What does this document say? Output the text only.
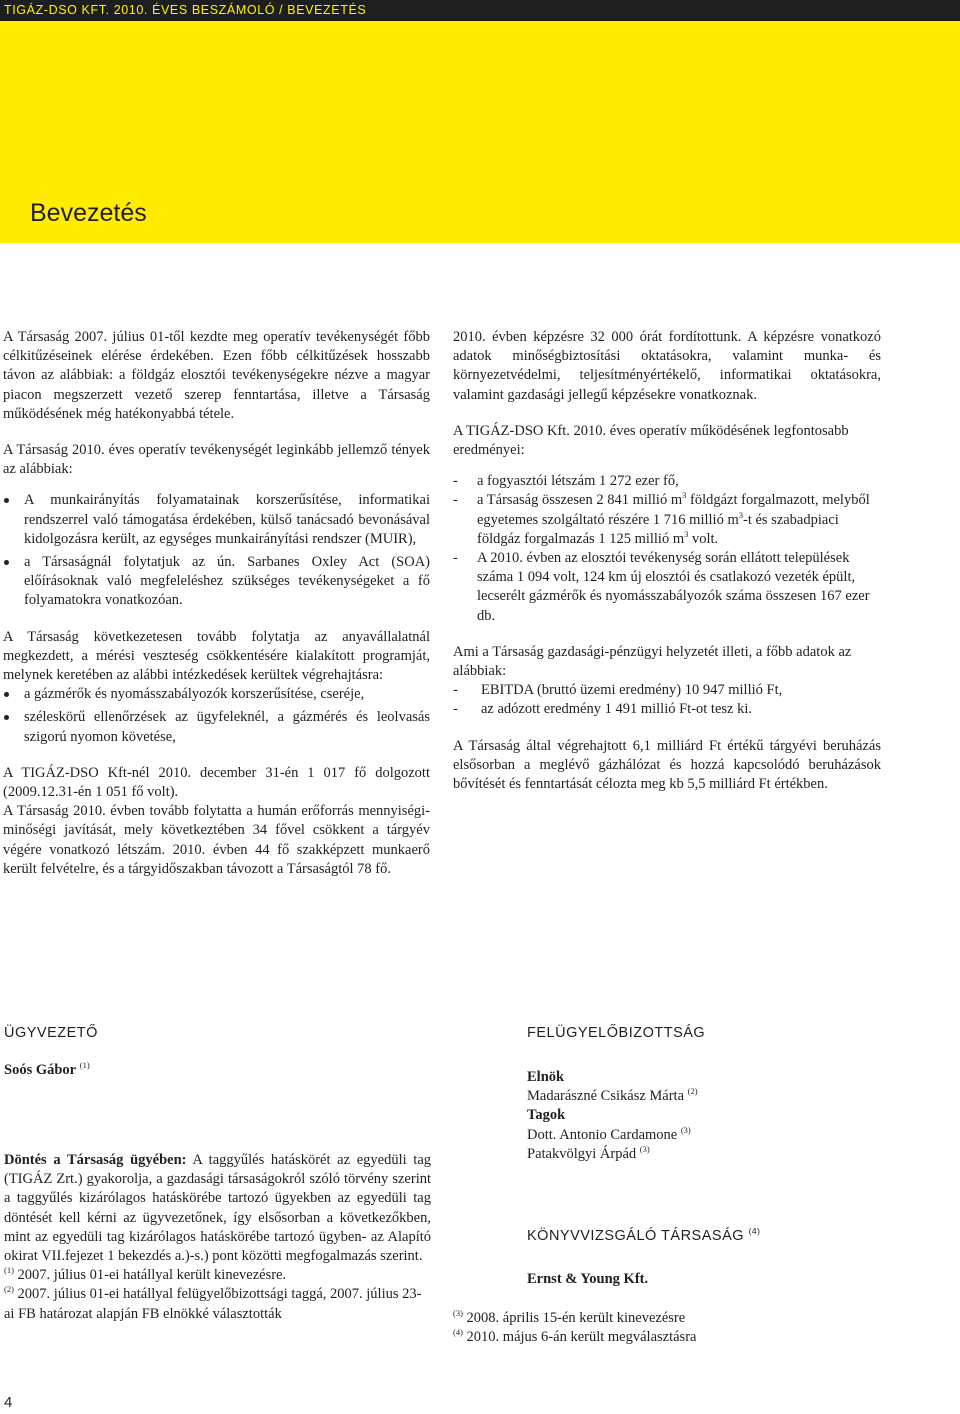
TIGÁZ-DSO KFT. 2010. ÉVES BESZÁMOLÓ / BEVEZETÉS
Bevezetés

A Társaság 2007. július 01-től kezdte meg operatív tevékenységét főbb célkitűzéseinek elérése érdekében. Ezen főbb célkitűzések hosszabb távon az alábbiak: a földgáz elosztói tevékenységekre nézve a magyar piacon megszerzett vezető szerep fenntartása, illetve a Társaság működésének még hatékonyabbá tétele.

A Társaság 2010. éves operatív tevékenységét leginkább jellemző tények az alábbiak:

A munkairányítás folyamatainak korszerűsítése, informatikai rendszerrel való támogatása érdekében, külső tanácsadó bevonásával kidolgozásra került, az egységes munkairányítási rendszer (MUIR),
a Társaságnál folytatjuk az ún. Sarbanes Oxley Act (SOA) előírásoknak való megfeleléshez szükséges tevékenységeket a fő folyamatokra vonatkozóan.

A Társaság következetesen tovább folytatja az anyavállalatnál megkezdett, a mérési veszteség csökkentésére kialakított programját, melynek keretében az alábbi intézkedések kerültek végrehajtásra:

a gázmérők és nyomásszabályozók korszerűsítése, cseréje,
széleskörű ellenőrzések az ügyfeleknél, a gázmérés és leolvasás szigorú nyomon követése,

A TIGÁZ-DSO Kft-nél 2010. december 31-én 1 017 fő dolgozott (2009.12.31-én 1 051 fő volt).

A Társaság 2010. évben tovább folytatta a humán erőforrás mennyiségi-minőségi javítását, mely következtében 34 fővel csökkent a tárgyév végére vonatkozó létszám. 2010. évben 44 fő szakképzett munkaerő került felvételre, és a tárgyidőszakban távozott a Társaságtól 78 fő.

2010. évben képzésre 32 000 órát fordítottunk. A képzésre vonatkozó adatok minőségbiztosítási oktatásokra, valamint munka- és környezetvédelmi, teljesítményértékelő, informatikai oktatásokra, valamint gazdasági jellegű képzésekre vonatkoznak.

A TIGÁZ-DSO Kft. 2010. éves operatív működésének legfontosabb eredményei:

- a fogyasztói létszám 1 272 ezer fő,
- a Társaság összesen 2 841 millió $m^3$ földgázt forgalmazott, melyből egyetemes szolgáltató részére 1 716 millió $m^3-t$ és szabadpiaci földgáz forgalmazás 1 125 millió $m^3$ volt.
- A 2010. évben az elosztói tevékenység során ellátott települések száma 1 094 volt, 124 km új elosztói és csatlakozó vezeték épült, lecserélt gázmérők és nyomásszabályozók száma összesen 167 ezer db.

Ami a Társaság gazdasági-pénzügyi helyzetét illeti, a főbb adatok az alábbiak:

- EBITDA (bruttó üzemi eredmény) 10 947 millió Ft,
- az adózott eredmény 1 491 millió Ft-ot tesz ki.

A Társaság által végrehajtott 6,1 milliárd Ft értékű tárgyévi beruházás elsősorban a meglévő gázhálózat és hozzá kapcsolódó beruházások bővítését és fenntartását célozta meg kb 5,5 milliárd Ft értékben.

ÜGYVEZETŐ
Soós Gábor $^{(1)}$

Döntés a Társaság ügyében: A taggyűlés hatáskörét az egyedüli tag (TIGÁZ Zrt.) gyakorolja, a gazdasági társaságokról szóló törvény szerint a taggyűlés kizárólagos hatáskörébe tartozó ügyekben az egyedüli tag döntését kell kérni az ügyvezetőnek, így elsősorban a következőkben, mint az egyedüli tag kizárólagos hatáskörébe tartozó ügyben- az Alapító okirat VII.fejezet 1 bekezdés a.)-s.) pont közötti megfogalmazás szerint.

$^{(1)}$ 2007. július 01-ei hatállyal került kinevezésre.

$^{(2)}$ 2007. július 01-ei hatállyal felügyelőbizottsági taggá, 2007. július 23-ai FB határozat alapján FB elnökké választották

FELÜGYELŐBIZOTTSÁG

Elnök

Madarászné Csikász Márta $^{(2)}$

Tagok

Dott. Antonio Cardamone $^{(3)}$

Patakvölgyi Árpád $^{(3)}$

KÖNYVVIZSGÁLÓ TÁRSASÁG $^{(4)}$
Ernst & Young Kft.

$^{(3)}$ 2008. április 15-én került kinevezésre

$^{(4)}$ 2010. május 6-án került megválasztásra

4
